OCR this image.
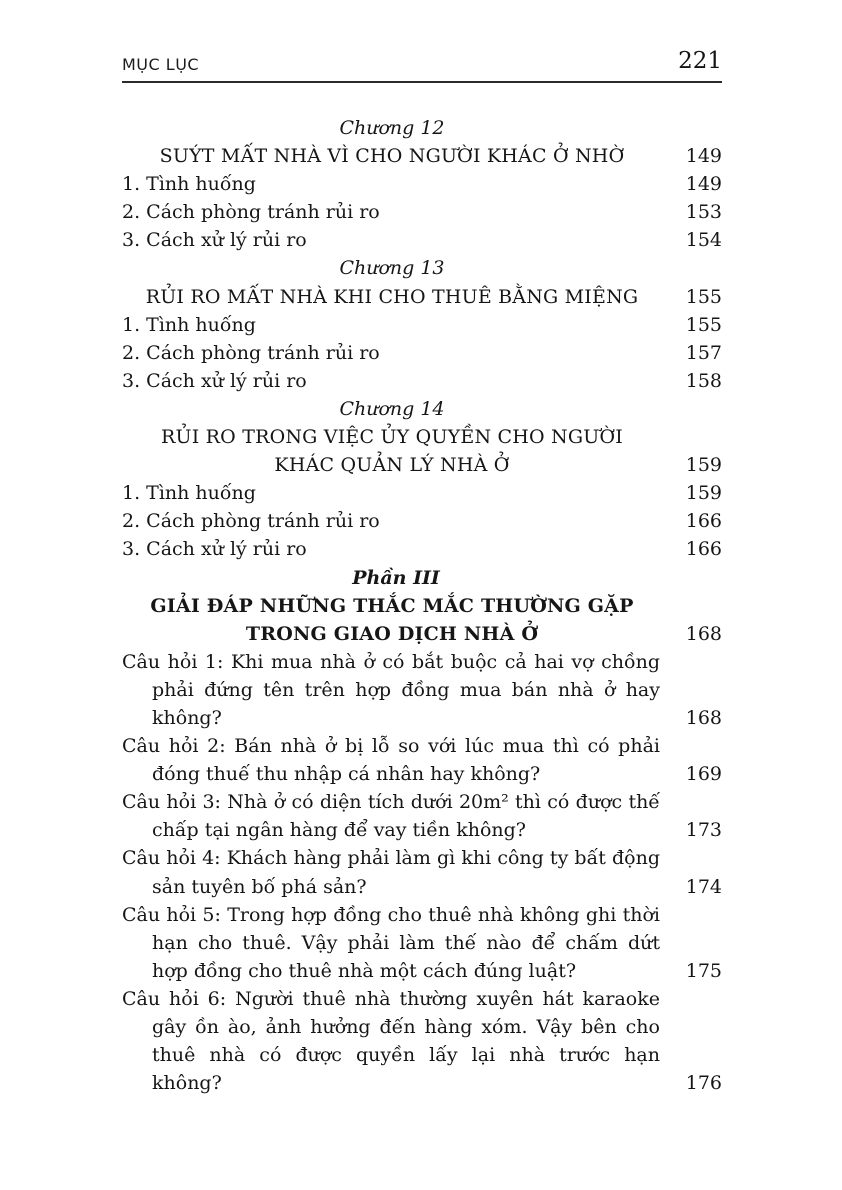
MỤC LỤC	221
Chương 12
SUÝT MẤT NHÀ VÌ CHO NGƯỜI KHÁC Ở NHỜ	149
1. Tình huống	149
2. Cách phòng tránh rủi ro	153
3. Cách xử lý rủi ro	154
Chương 13
RỦI RO MẤT NHÀ KHI CHO THUÊ BẰNG MIỆNG	155
1. Tình huống	155
2. Cách phòng tránh rủi ro	157
3. Cách xử lý rủi ro	158
Chương 14
RỦI RO TRONG VIỆC ỦY QUYỀN CHO NGƯỜI
KHÁC QUẢN LÝ NHÀ Ở	159
1. Tình huống	159
2. Cách phòng tránh rủi ro	166
3. Cách xử lý rủi ro	166
Phần III
GIẢI ĐÁP NHỮNG THẮC MẮC THƯỜNG GẶP
TRONG GIAO DỊCH NHÀ Ở	168
Câu hỏi 1: Khi mua nhà ở có bắt buộc cả hai vợ chồng phải đứng tên trên hợp đồng mua bán nhà ở hay không?	168
Câu hỏi 2: Bán nhà ở bị lỗ so với lúc mua thì có phải đóng thuế thu nhập cá nhân hay không?	169
Câu hỏi 3: Nhà ở có diện tích dưới 20m² thì có được thế chấp tại ngân hàng để vay tiền không?	173
Câu hỏi 4: Khách hàng phải làm gì khi công ty bất động sản tuyên bố phá sản?	174
Câu hỏi 5: Trong hợp đồng cho thuê nhà không ghi thời hạn cho thuê. Vậy phải làm thế nào để chấm dứt hợp đồng cho thuê nhà một cách đúng luật?	175
Câu hỏi 6: Người thuê nhà thường xuyên hát karaoke gây ồn ào, ảnh hưởng đến hàng xóm. Vậy bên cho thuê nhà có được quyền lấy lại nhà trước hạn không?	176
